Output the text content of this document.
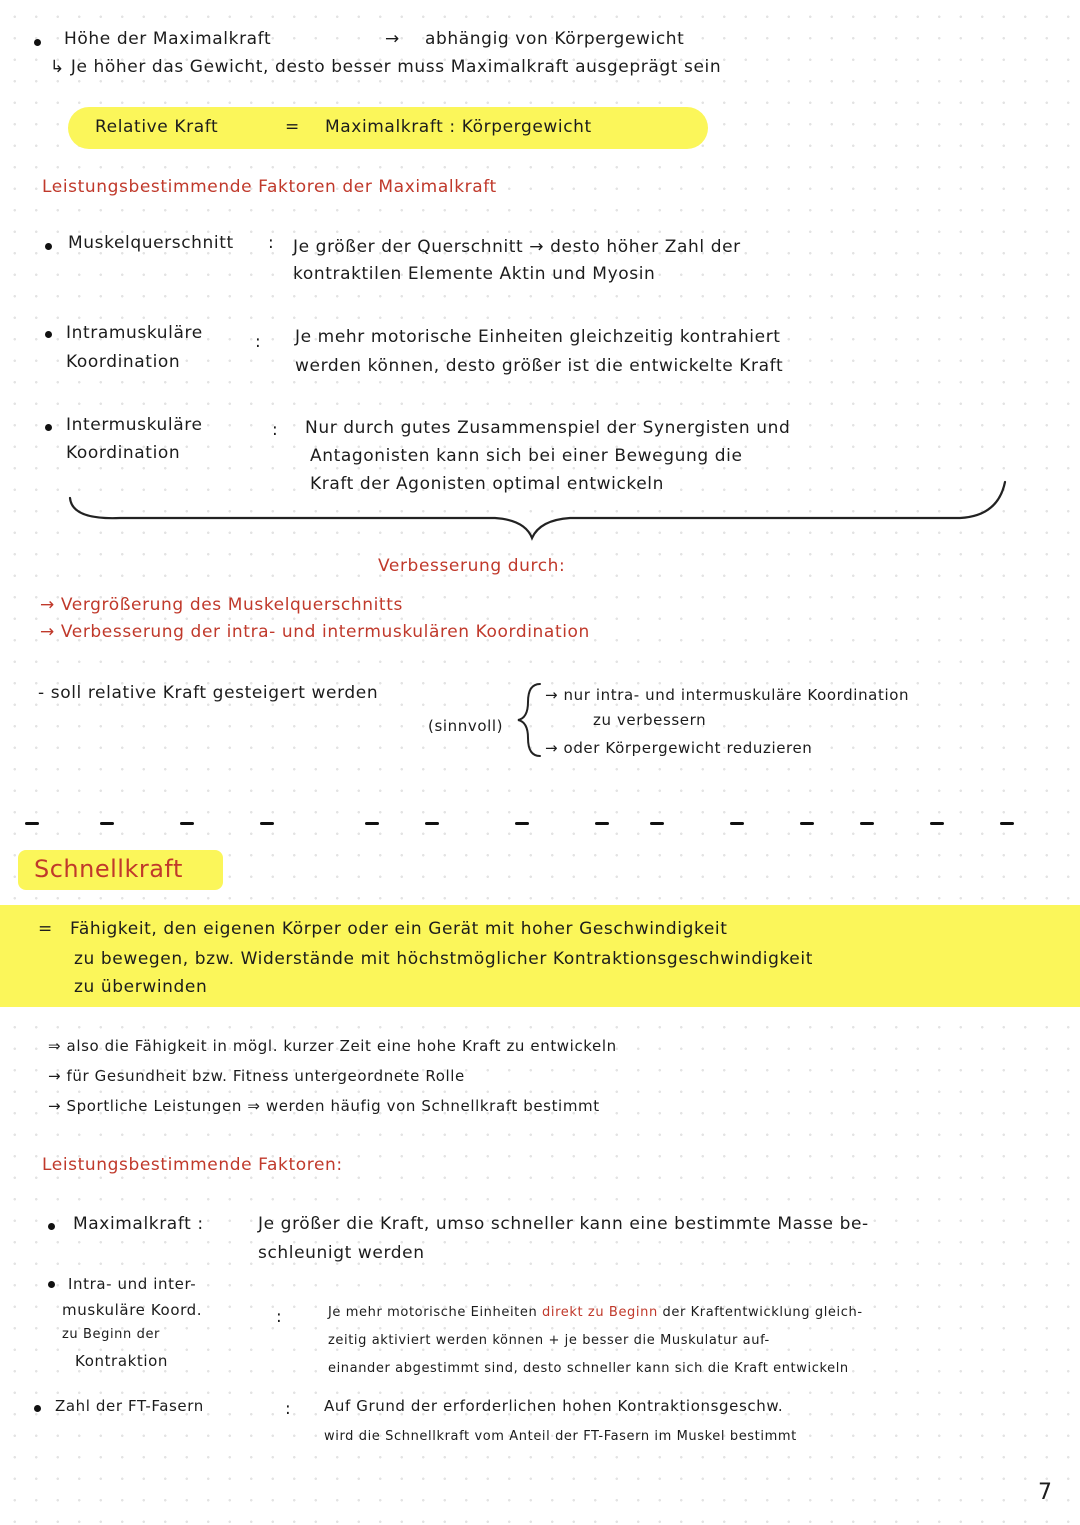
Höhe der Maximalkraft	→ abhängig von Körpergewicht
↳ Je höher das Gewicht, desto besser muss Maximalkraft ausgeprägt sein
Relative Kraft	= Maximalkraft : Körpergewicht
Leistungsbestimmende Faktoren der Maximalkraft
Muskelquerschnitt : Je größer der Querschnitt → desto höher Zahl der
kontraktilen Elemente Aktin und Myosin
Intramuskuläre
Koordination
: Je mehr motorische Einheiten gleichzeitig kontrahiert
werden können, desto größer ist die entwickelte Kraft
Intermuskuläre
Koordination
: Nur durch gutes Zusammenspiel der Synergisten und
Antagonisten kann sich bei einer Bewegung die
Kraft der Agonisten optimal entwickeln
Verbesserung durch:
→ Vergrößerung des Muskelquerschnitts
→ Verbesserung der intra- und intermuskulären Koordination
- soll relative Kraft gesteigert werden
(sinnvoll)
→ nur intra- und intermuskuläre Koordination
zu verbessern
→ oder Körpergewicht reduzieren
Schnellkraft
= Fähigkeit, den eigenen Körper oder ein Gerät mit hoher Geschwindigkeit
zu bewegen, bzw. Widerstände mit höchstmöglicher Kontraktionsgeschwindigkeit
zu überwinden
⇒ also die Fähigkeit in mögl. kurzer Zeit eine hohe Kraft zu entwickeln
→ für Gesundheit bzw. Fitness untergeordnete Rolle
→ Sportliche Leistungen ⇒ werden häufig von Schnellkraft bestimmt
Leistungsbestimmende Faktoren:
Maximalkraft :	Je größer die Kraft, umso schneller kann eine bestimmte Masse be-
schleunigt werden
Intra- und inter-
muskuläre Koord.
zu Beginn der
Kontraktion
:	Je mehr motorische Einheiten direkt zu Beginn der Kraftentwicklung gleich-
zeitig aktiviert werden können + je besser die Muskulatur auf-
einander abgestimmt sind, desto schneller kann sich die Kraft entwickeln
Zahl der FT-Fasern	: Auf Grund der erforderlichen hohen Kontraktionsgeschw.
wird die Schnellkraft vom Anteil der FT-Fasern im Muskel bestimmt
7
